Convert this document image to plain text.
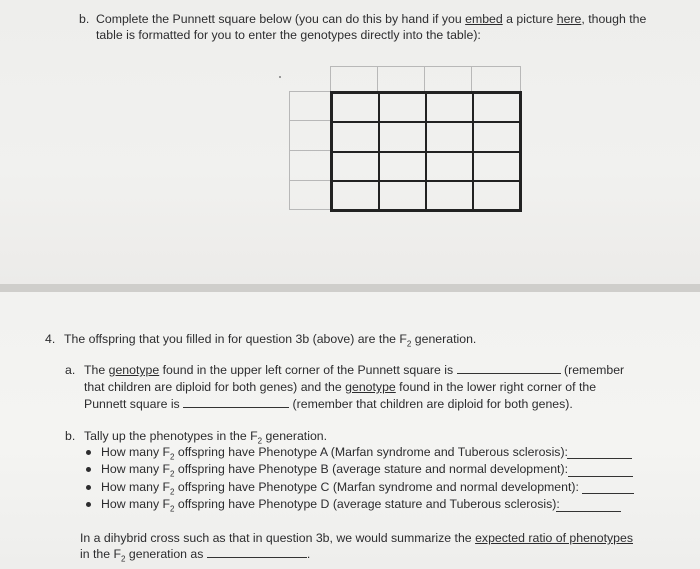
b. Complete the Punnett square below (you can do this by hand if you embed a picture here, though the
table is formatted for you to enter the genotypes directly into the table):
4. The offspring that you filled in for question 3b (above) are the $F_2$ generation.
a. The genotype found in the upper left corner of the Punnett square is	(remember
that children are diploid for both genes) and the genotype found in the lower right corner of the
Punnett square is	(remember that children are diploid for both genes).
b. Tally up the phenotypes in the $F_2$ generation.
How many $F_2$ offspring have Phenotype A (Marfan syndrome and Tuberous sclerosis):
How many $F_2$ offspring have Phenotype B (average stature and normal development):
How many $F_2$ offspring have Phenotype C (Marfan syndrome and normal development):
How many $F_2$ offspring have Phenotype D (average stature and Tuberous sclerosis):
In a dihybrid cross such as that in question 3b, we would summarize the expected ratio of phenotypes
in the $F_2$ generation as	.
